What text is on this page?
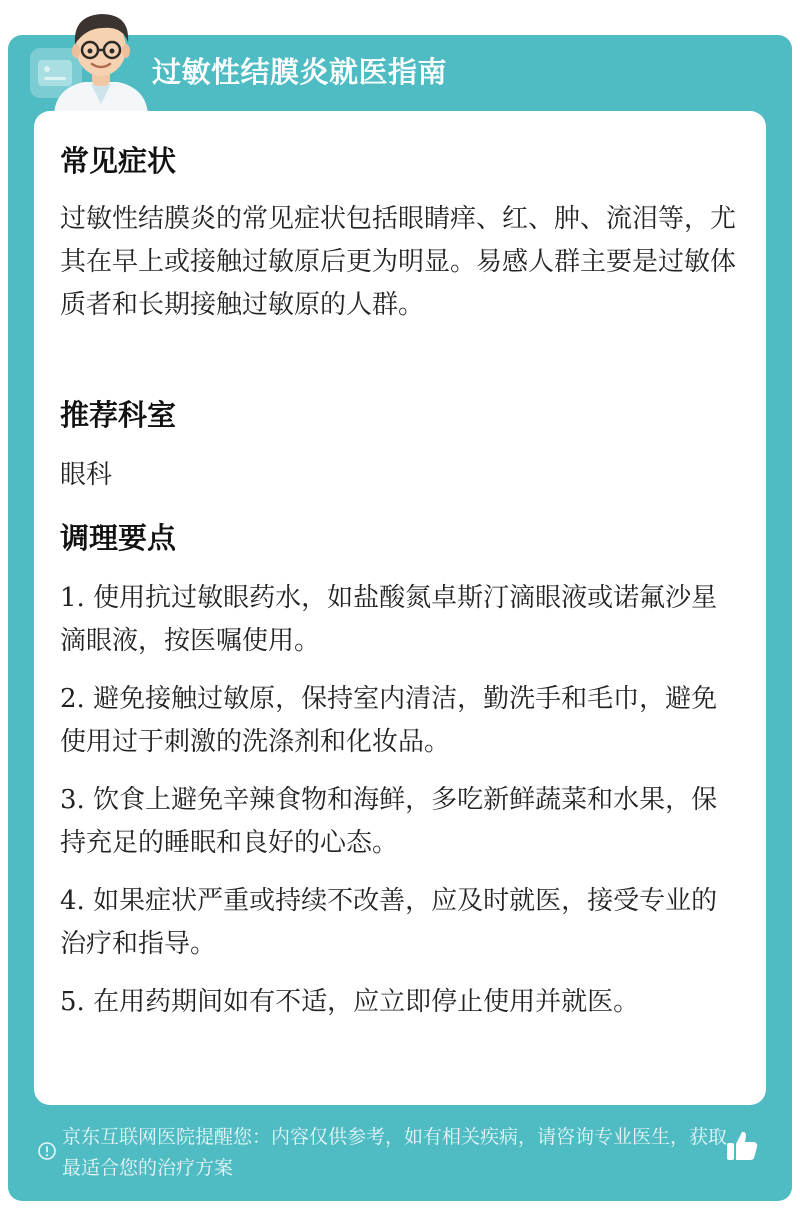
过敏性结膜炎就医指南
常见症状
过敏性结膜炎的常见症状包括眼睛痒、红、肿、流泪等，尤其在早上或接触过敏原后更为明显。易感人群主要是过敏体质者和长期接触过敏原的人群。
推荐科室
眼科
调理要点
1. 使用抗过敏眼药水，如盐酸氮卓斯汀滴眼液或诺氟沙星滴眼液，按医嘱使用。
2. 避免接触过敏原，保持室内清洁，勤洗手和毛巾，避免使用过于刺激的洗涤剂和化妆品。
3. 饮食上避免辛辣食物和海鲜，多吃新鲜蔬菜和水果，保持充足的睡眠和良好的心态。
4. 如果症状严重或持续不改善，应及时就医，接受专业的治疗和指导。
5. 在用药期间如有不适，应立即停止使用并就医。
京东互联网医院提醒您：内容仅供参考，如有相关疾病，请咨询专业医生，获取最适合您的治疗方案
